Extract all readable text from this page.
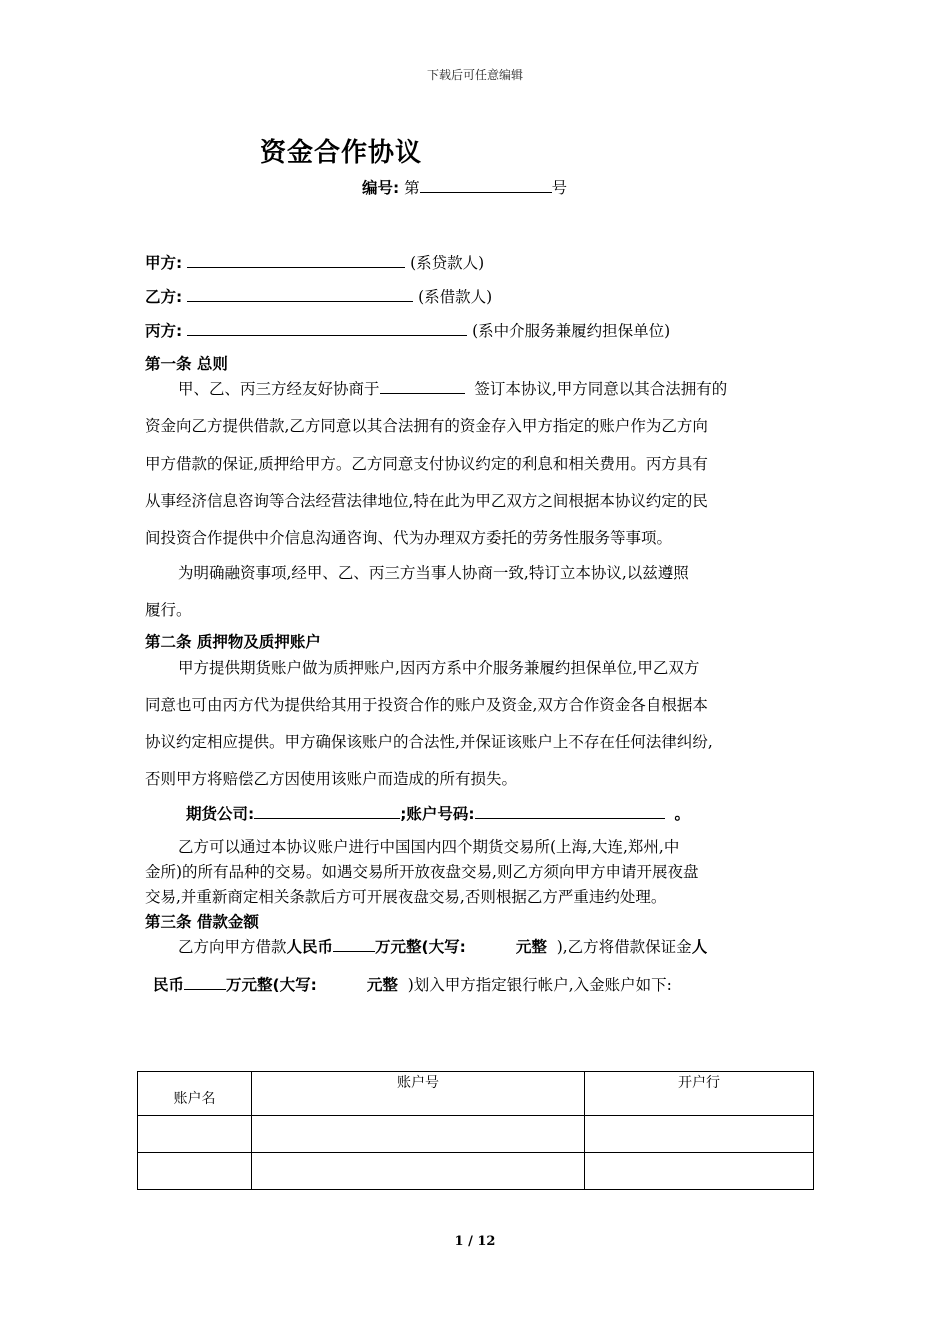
下载后可任意编辑
资金合作协议
编号: 第	号
甲方:	(系贷款人)
乙方:	(系借款人)
丙方:	(系中介服务兼履约担保单位)
第一条 总则
甲、乙、丙三方经友好协商于	签订本协议,甲方同意以其合法拥有的
资金向乙方提供借款,乙方同意以其合法拥有的资金存入甲方指定的账户作为乙方向
甲方借款的保证,质押给甲方。乙方同意支付协议约定的利息和相关费用。丙方具有
从事经济信息咨询等合法经营法律地位,特在此为甲乙双方之间根据本协议约定的民
间投资合作提供中介信息沟通咨询、代为办理双方委托的劳务性服务等事项。
为明确融资事项,经甲、乙、丙三方当事人协商一致,特订立本协议,以兹遵照
履行。
第二条 质押物及质押账户
甲方提供期货账户做为质押账户,因丙方系中介服务兼履约担保单位,甲乙双方
同意也可由丙方代为提供给其用于投资合作的账户及资金,双方合作资金各自根据本
协议约定相应提供。甲方确保该账户的合法性,并保证该账户上不存在任何法律纠纷,
否则甲方将赔偿乙方因使用该账户而造成的所有损失。
期货公司:	;账户号码:	。
乙方可以通过本协议账户进行中国国内四个期货交易所(上海,大连,郑州,中
金所)的所有品种的交易。如遇交易所开放夜盘交易,则乙方须向甲方申请开展夜盘
交易,并重新商定相关条款后方可开展夜盘交易,否则根据乙方严重违约处理。
第三条 借款金额
乙方向甲方借款人民币	万元整(大写:	元整 ),乙方将借款保证金人
民币	万元整(大写:	元整 )划入甲方指定银行帐户,入金账户如下:
账户名	账户号	开户行

1 / 12
